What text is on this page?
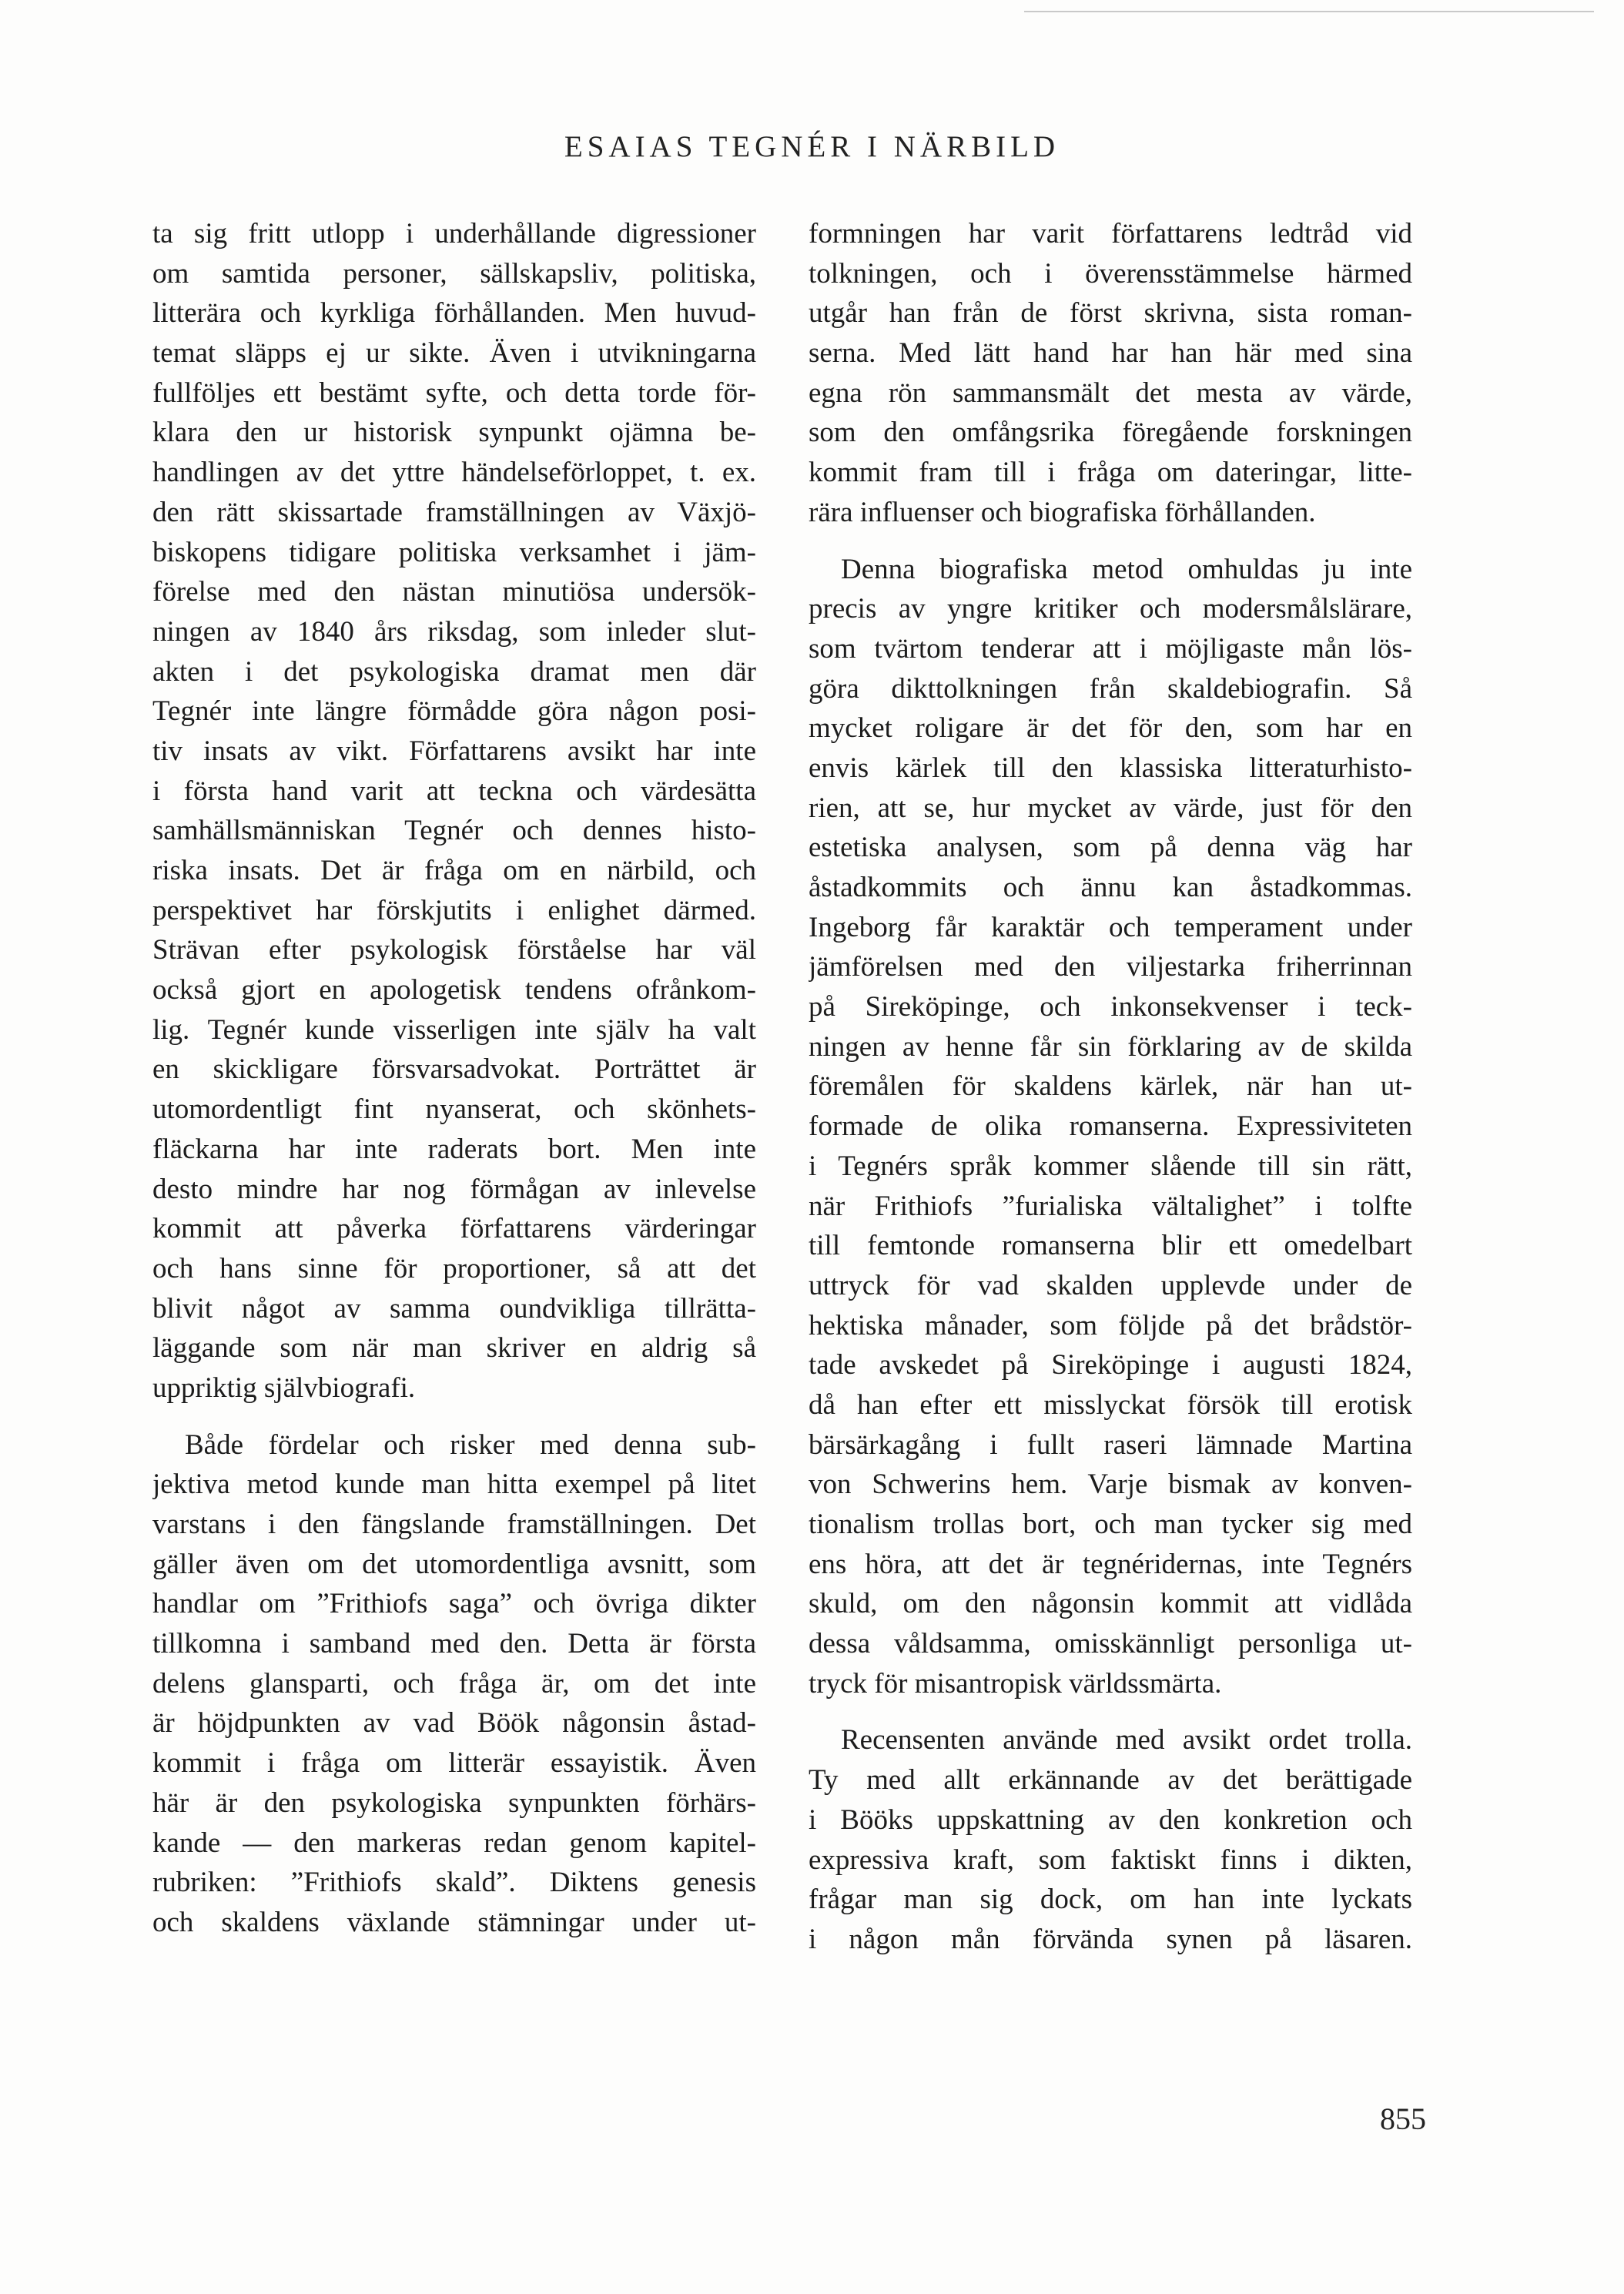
ESAIAS TEGNÉR I NÄRBILD
ta sig fritt utlopp i underhållande digressioner
om samtida personer, sällskapsliv, politiska,
litterära och kyrkliga förhållanden. Men huvud-
temat släpps ej ur sikte. Även i utvikningarna
fullföljes ett bestämt syfte, och detta torde för-
klara den ur historisk synpunkt ojämna be-
handlingen av det yttre händelseförloppet, t. ex.
den rätt skissartade framställningen av Växjö-
biskopens tidigare politiska verksamhet i jäm-
förelse med den nästan minutiösa undersök-
ningen av 1840 års riksdag, som inleder slut-
akten i det psykologiska dramat men där
Tegnér inte längre förmådde göra någon posi-
tiv insats av vikt. Författarens avsikt har inte
i första hand varit att teckna och värdesätta
samhällsmänniskan Tegnér och dennes histo-
riska insats. Det är fråga om en närbild, och
perspektivet har förskjutits i enlighet därmed.
Strävan efter psykologisk förståelse har väl
också gjort en apologetisk tendens ofrånkom-
lig. Tegnér kunde visserligen inte själv ha valt
en skickligare försvarsadvokat. Porträttet är
utomordentligt fint nyanserat, och skönhets-
fläckarna har inte raderats bort. Men inte
desto mindre har nog förmågan av inlevelse
kommit att påverka författarens värderingar
och hans sinne för proportioner, så att det
blivit något av samma oundvikliga tillrätta-
läggande som när man skriver en aldrig så
uppriktig självbiografi.
Både fördelar och risker med denna sub-
jektiva metod kunde man hitta exempel på litet
varstans i den fängslande framställningen. Det
gäller även om det utomordentliga avsnitt, som
handlar om ”Frithiofs saga” och övriga dikter
tillkomna i samband med den. Detta är första
delens glansparti, och fråga är, om det inte
är höjdpunkten av vad Böök någonsin åstad-
kommit i fråga om litterär essayistik. Även
här är den psykologiska synpunkten förhärs-
kande — den markeras redan genom kapitel-
rubriken: ”Frithiofs skald”. Diktens genesis
och skaldens växlande stämningar under ut-
formningen har varit författarens ledtråd vid
tolkningen, och i överensstämmelse härmed
utgår han från de först skrivna, sista roman-
serna. Med lätt hand har han här med sina
egna rön sammansmält det mesta av värde,
som den omfångsrika föregående forskningen
kommit fram till i fråga om dateringar, litte-
rära influenser och biografiska förhållanden.
Denna biografiska metod omhuldas ju inte
precis av yngre kritiker och modersmålslärare,
som tvärtom tenderar att i möjligaste mån lös-
göra dikttolkningen från skaldebiografin. Så
mycket roligare är det för den, som har en
envis kärlek till den klassiska litteraturhisto-
rien, att se, hur mycket av värde, just för den
estetiska analysen, som på denna väg har
åstadkommits och ännu kan åstadkommas.
Ingeborg får karaktär och temperament under
jämförelsen med den viljestarka friherrinnan
på Sireköpinge, och inkonsekvenser i teck-
ningen av henne får sin förklaring av de skilda
föremålen för skaldens kärlek, när han ut-
formade de olika romanserna. Expressiviteten
i Tegnérs språk kommer slående till sin rätt,
när Frithiofs ”furialiska vältalighet” i tolfte
till femtonde romanserna blir ett omedelbart
uttryck för vad skalden upplevde under de
hektiska månader, som följde på det brådstör-
tade avskedet på Sireköpinge i augusti 1824,
då han efter ett misslyckat försök till erotisk
bärsärkagång i fullt raseri lämnade Martina
von Schwerins hem. Varje bismak av konven-
tionalism trollas bort, och man tycker sig med
ens höra, att det är tegnéridernas, inte Tegnérs
skuld, om den någonsin kommit att vidlåda
dessa våldsamma, omisskännligt personliga ut-
tryck för misantropisk världssmärta.
Recensenten använde med avsikt ordet trolla.
Ty med allt erkännande av det berättigade
i Bööks uppskattning av den konkretion och
expressiva kraft, som faktiskt finns i dikten,
frågar man sig dock, om han inte lyckats
i någon mån förvända synen på läsaren.
855
